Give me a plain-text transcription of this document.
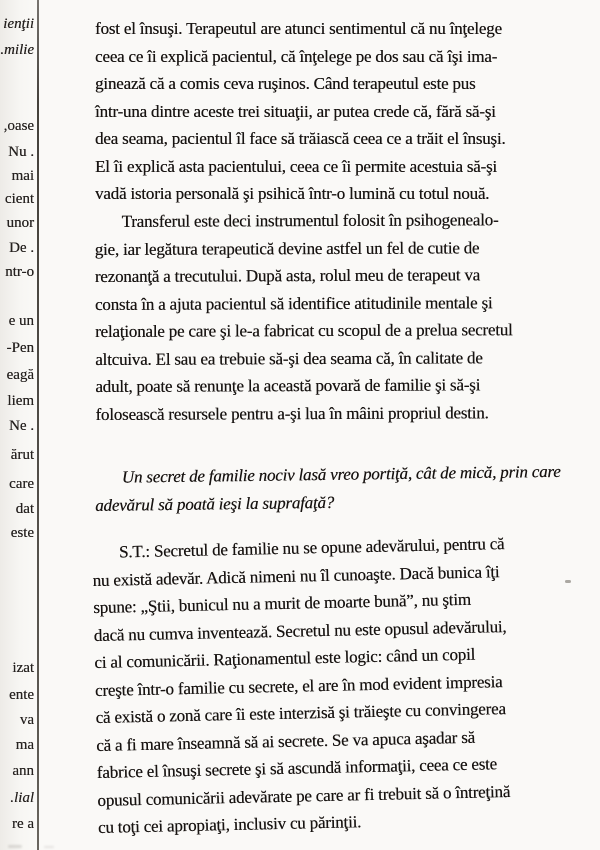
ienţii
milie.
oase,
. Nu
mai
cient
unor
. De
ntr-o
e un
Pen-
eagă
liem
. Ne
ărut
care
dat
este
izat
ente
va
ma
ann
lial.
re a
fost el însuşi. Terapeutul are atunci sentimentul că nu înţelege
ceea ce îi explică pacientul, că înţelege pe dos sau că îşi ima-
ginează că a comis ceva ruşinos. Când terapeutul este pus
într-una dintre aceste trei situaţii, ar putea crede că, fără să-şi
dea seama, pacientul îl face să trăiască ceea ce a trăit el însuşi.
El îi explică asta pacientului, ceea ce îi permite acestuia să-şi
vadă istoria personală şi psihică într-o lumină cu totul nouă.
Transferul este deci instrumentul folosit în psihogenealo-
gie, iar legătura terapeutică devine astfel un fel de cutie de
rezonanţă a trecutului. După asta, rolul meu de terapeut va
consta în a ajuta pacientul să identifice atitudinile mentale şi
relaţionale pe care şi le-a fabricat cu scopul de a prelua secretul
altcuiva. El sau ea trebuie să-şi dea seama că, în calitate de
adult, poate să renunţe la această povară de familie şi să-şi
folosească resursele pentru a-şi lua în mâini propriul destin.
Un secret de familie nociv lasă vreo portiţă, cât de mică, prin care
adevărul să poată ieşi la suprafaţă?
S.T.: Secretul de familie nu se opune adevărului, pentru că
nu există adevăr. Adică nimeni nu îl cunoaşte. Dacă bunica îţi
spune: „Ştii, bunicul nu a murit de moarte bună”, nu ştim
dacă nu cumva inventează. Secretul nu este opusul adevărului,
ci al comunicării. Raţionamentul este logic: când un copil
creşte într-o familie cu secrete, el are în mod evident impresia
că există o zonă care îi este interzisă şi trăieşte cu convingerea
că a fi mare înseamnă să ai secrete. Se va apuca aşadar să
fabrice el însuşi secrete şi să ascundă informaţii, ceea ce este
opusul comunicării adevărate pe care ar fi trebuit să o întreţină
cu toţi cei apropiaţi, inclusiv cu părinţii.
